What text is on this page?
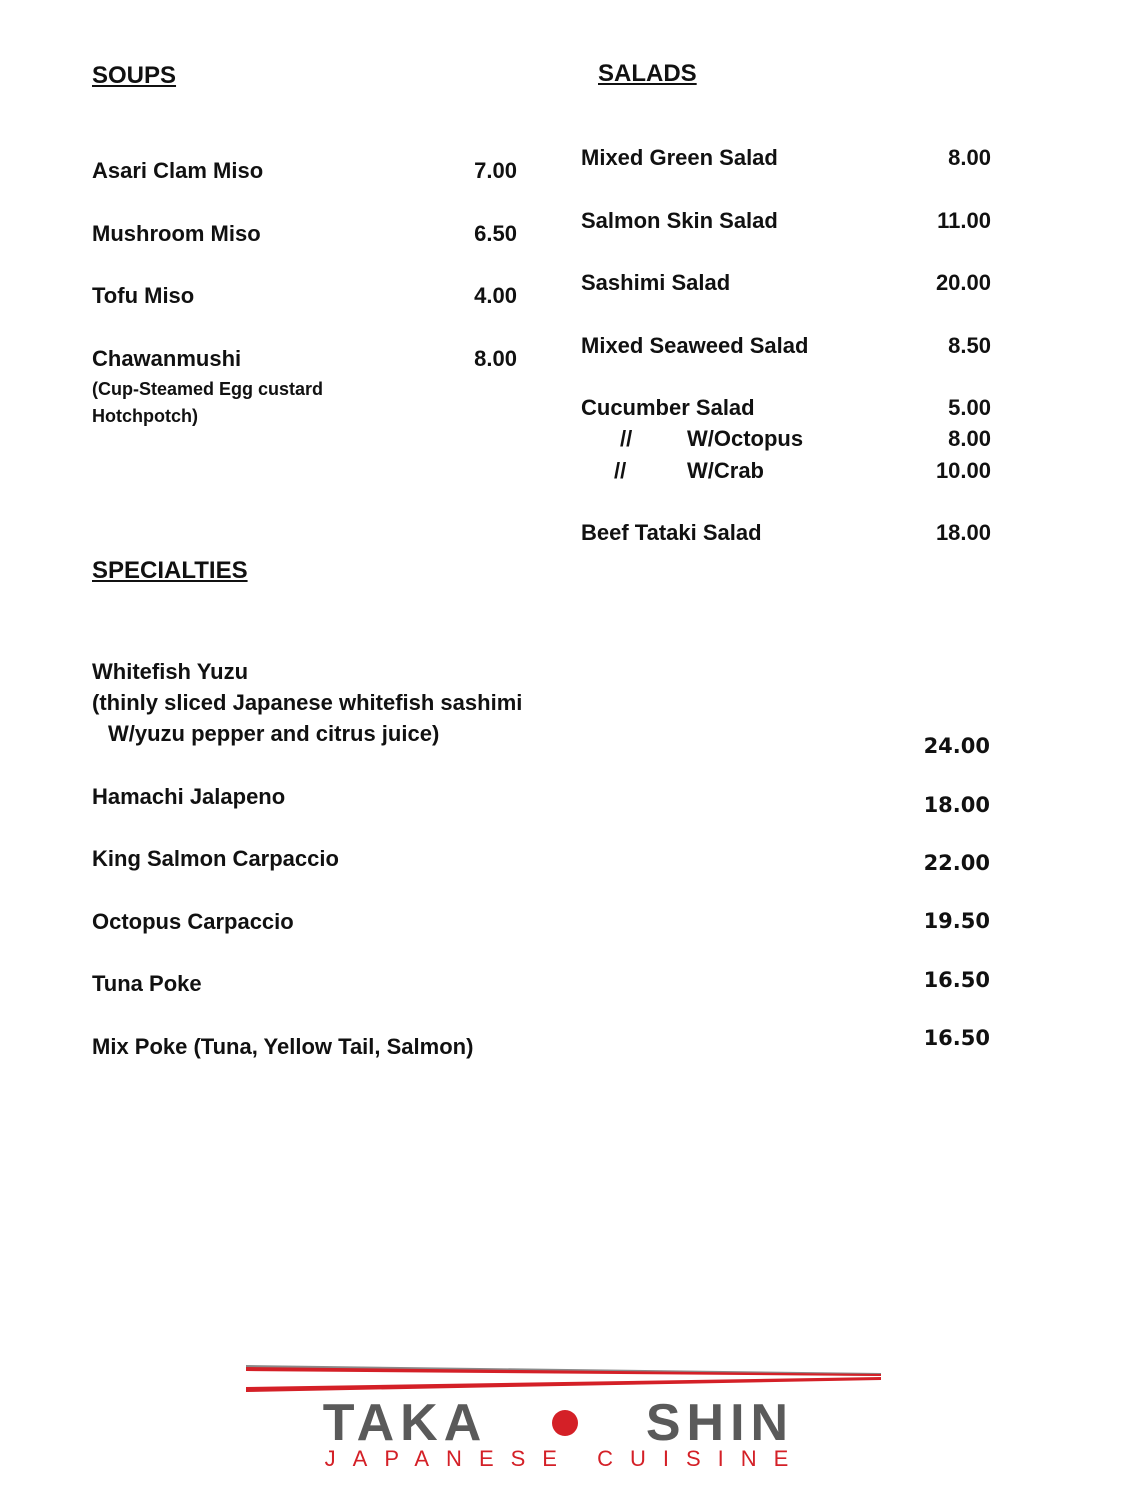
SOUPS
Asari Clam Miso	7.00
Mushroom Miso	6.50
Tofu Miso	4.00
Chawanmushi	8.00
(Cup-Steamed Egg custard
Hotchpotch)
SALADS
Mixed Green Salad	8.00
Salmon Skin Salad	11.00
Sashimi Salad	20.00
Mixed Seaweed Salad	8.50
Cucumber Salad	5.00
// W/Octopus	8.00
//	W/Crab	10.00
Beef Tataki Salad	18.00
SPECIALTIES
Whitefish Yuzu
(thinly sliced Japanese whitefish sashimi
W/yuzu pepper and citrus juice)	24.00
Hamachi Jalapeno	18.00
King Salmon Carpaccio	22.00
Octopus Carpaccio	19.50
Tuna Poke	16.50
Mix Poke (Tuna, Yellow Tail, Salmon)	16.50
TAKA	SHIN
JAPANESE CUISINE
